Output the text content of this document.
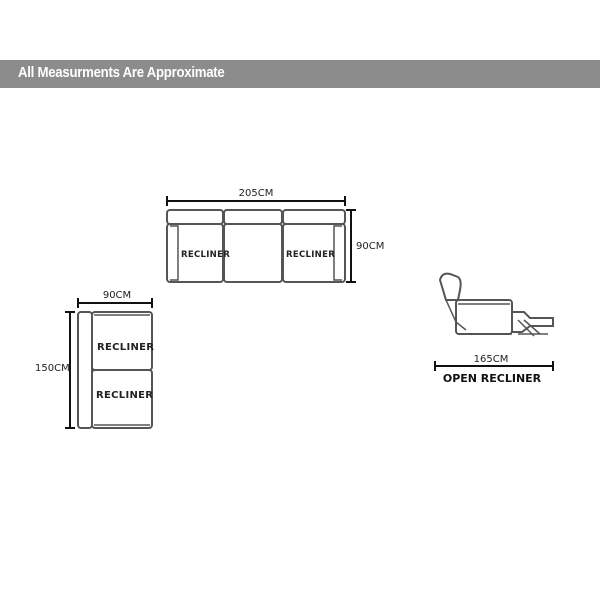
All Measurments Are Approximate
RECLINER	RECLINER
205CM
90CM
RECLINER
RECLINER
90CM
150CM
165CM
OPEN RECLINER
